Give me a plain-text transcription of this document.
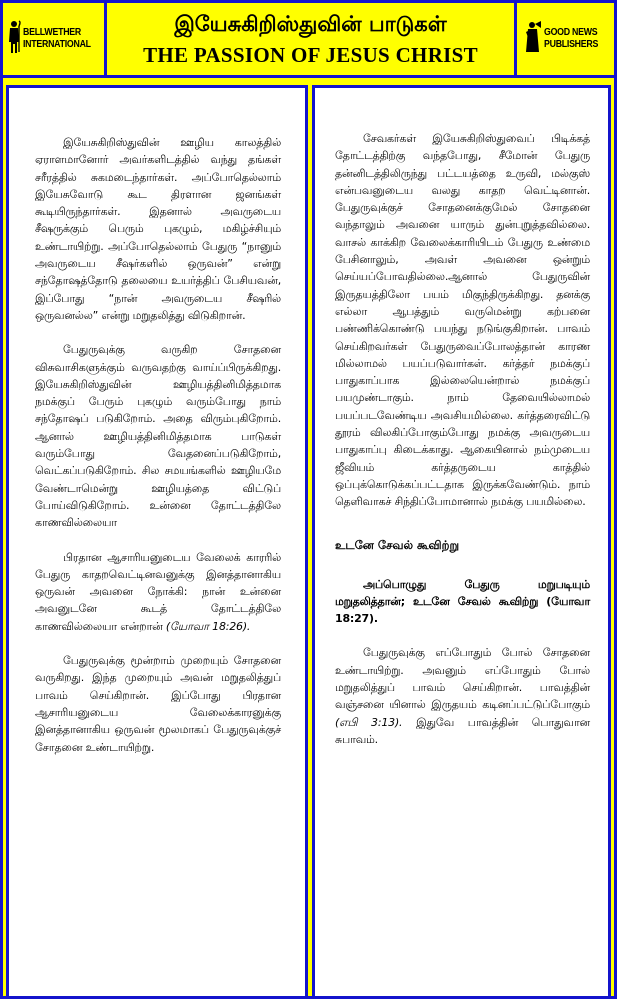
BELLWETHER
INTERNATIONAL
இயேசுகிறிஸ்துவின் பாடுகள்
THE PASSION OF JESUS CHRIST
GOOD NEWS
PUBLISHERS

இயேசுகிறிஸ்துவின் ஊழிய காலத்தில் ஏராளமானோர் அவர்களிடத்தில் வந்து தங்கள் சரீரத்தில் சுகமடைந்தார்கள். அப்போதெல்லாம் இயேசுவோடு கூட திரளான ஜனங்கள் கூடியிருந்தார்கள். இதனால் அவருடைய சீஷருக்கும் பெரும் புகழும், மகிழ்ச்சியும் உண்டாயிற்று. அப்போதெல்லாம் பேதுரு “நானும் அவருடைய சீஷர்களில் ஒருவன்” என்று சந்தோஷத்தோடு தலையை உயர்த்திப் பேசியவன், இப்போது “நான் அவருடைய சீஷரில் ஒருவனல்ல” என்று மறுதலித்து விடுகிறான்.

பேதுருவுக்கு வருகிற சோதனை விசுவாசிகளுக்கும் வருவதற்கு வாய்ப்பிருக்கிறது. இயேசுகிறிஸ்துவின் ஊழியத்தினிமித்தமாக நமக்குப் பேரும் புகழும் வரும்போது நாம் சந்தோஷப் படுகிறோம். அதை விரும்புகிறோம். ஆனால் ஊழியத்தினிமித்தமாக பாடுகள் வரும்போது வேதனைப்படுகிறோம், வெட்கப்படுகிறோம். சில சமயங்களில் ஊழியமே வேண்டாமென்று ஊழியத்தை விட்டுப் போய்விடுகிறோம். உன்னை தோட்டத்திலே காணவில்லையா

பிரதான ஆசாரியனுடைய வேலைக் காரரில் பேதுரு காதறவெட்டினவனுக்கு இனத்தானாகிய ஒருவன் அவனை நோக்கி: நான் உன்னை அவனுடனே கூடத் தோட்டத்திலே காணவில்லையா என்றான் (யோவா 18:26).

பேதுருவுக்கு மூன்றாம் முறையும் சோதனை வருகிறது. இந்த முறையும் அவன் மறுதலித்துப் பாவம் செய்கிறான். இப்போது பிரதான ஆசாரியனுடைய வேலைக்காரனுக்கு இனத்தானாகிய ஒருவன் மூலமாகப் பேதுருவுக்குச் சோதனை உண்டாயிற்று.

சேவகர்கள் இயேசுகிறிஸ்துவைப் பிடிக்கத் தோட்டத்திற்கு வந்தபோது, சீமோன் பேதுரு தன்னிடத்திலிருந்து பட்டயத்தை உருவி, மல்குஸ் என்பவனுடைய வலது காதற வெட்டினான். பேதுருவுக்குச் சோதனைக்குமேல் சோதனை வந்தாலும் அவனை யாரும் துன்புறுத்தவில்லை. வாசல் காக்கிற வேலைக்காரியிடம் பேதுரு உண்மை பேசினாலும், அவள் அவனை ஒன்றும் செய்யப்போவதில்லை.ஆனால் பேதுருவின் இருதயத்திலோ பயம் மிகுந்திருக்கிறது. தனக்கு எல்லா ஆபத்தும் வருமென்று கற்பனை பண்ணிக்கொண்டு பயந்து நடுங்குகிறான். பாவம் செய்கிறவர்கள் பேதுருவைப்போலத்தான் காரண மில்லாமல் பயப்படுவார்கள். கர்த்தர் நமக்குப் பாதுகாப்பாக இல்லையென்றால் நமக்குப் பயமுண்டாகும். நாம் தேவையில்லாமல் பயப்படவேண்டிய அவசியமில்லை. கர்த்தரைவிட்டு தூரம் விலகிப்போகும்போது நமக்கு அவருடைய பாதுகாப்பு கிடைக்காது. ஆகையினால் நம்முடைய ஜீவியம் கர்த்தருடைய காத்தில் ஒப்புக்கொடுக்கப்பட்டதாக இருக்கவேண்டும். நாம் தெளிவாகச் சிந்திப்போமானால் நமக்கு பயமில்லை.

உடனே சேவல் கூவிற்று

அப்பொழுது பேதுரு மறுபடியும் மறுதலித்தான்; உடனே சேவல் கூவிற்று (யோவா 18:27).

பேதுருவுக்கு எப்போதும் போல் சோதனை உண்டாயிற்று. அவனும் எப்போதும் போல் மறுதலித்துப் பாவம் செய்கிறான். பாவத்தின் வஞ்சனை யினால் இருதயம் கடினப்பட்டுப்போகும் (எபி 3:13). இதுவே பாவத்தின் பொதுவான சுபாவம்.
